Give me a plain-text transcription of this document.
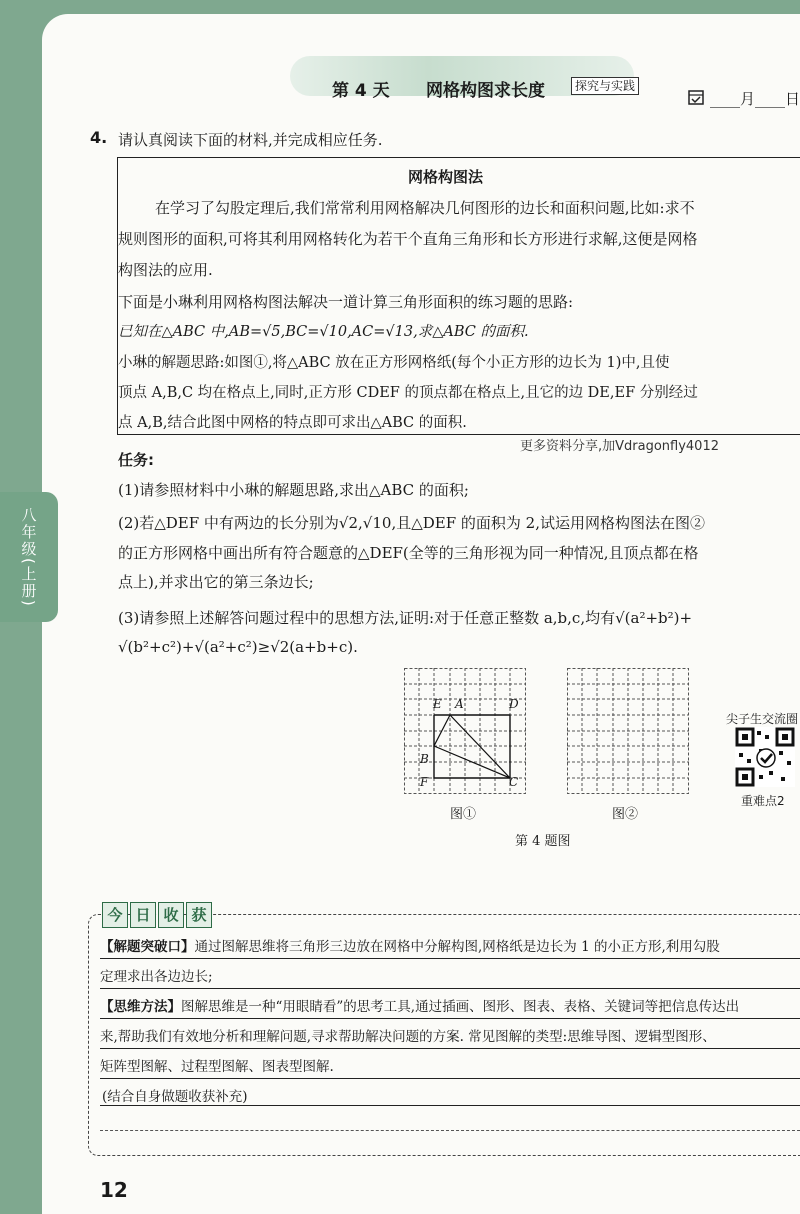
第 4 天 网格构图求长度	探究与实践
____月____日
4. 请认真阅读下面的材料,并完成相应任务.
网格构图法
在学习了勾股定理后,我们常常利用网格解决几何图形的边长和面积问题,比如:求不
规则图形的面积,可将其利用网格转化为若干个直角三角形和长方形进行求解,这便是网格
构图法的应用.
下面是小琳利用网格构图法解决一道计算三角形面积的练习题的思路:
已知在△ABC 中,AB=√5,BC=√10,AC=√13,求△ABC 的面积.
小琳的解题思路:如图①,将△ABC 放在正方形网格纸(每个小正方形的边长为 1)中,且使
顶点 A,B,C 均在格点上,同时,正方形 CDEF 的顶点都在格点上,且它的边 DE,EF 分别经过
点 A,B,结合此图中网格的特点即可求出△ABC 的面积.
更多资料分享,加Vdragonfly4012
任务:
(1)请参照材料中小琳的解题思路,求出△ABC 的面积;
(2)若△DEF 中有两边的长分别为√2,√10,且△DEF 的面积为 2,试运用网格构图法在图②
的正方形网格中画出所有符合题意的△DEF(全等的三角形视为同一种情况,且顶点都在格
点上),并求出它的第三条边长;
(3)请参照上述解答问题过程中的思想方法,证明:对于任意正整数 a,b,c,均有√(a²+b²)+
√(b²+c²)+√(a²+c²)≥√2(a+b+c).
八年级(上册)
E A	D
B
F	C
图①	图②
第 4 题图
尖子生交流圈
重难点2
今 日 收 获
【解题突破口】通过图解思维将三角形三边放在网格中分解构图,网格纸是边长为 1 的小正方形,利用勾股
定理求出各边边长;
【思维方法】图解思维是一种“用眼睛看”的思考工具,通过插画、图形、图表、表格、关键词等把信息传达出
来,帮助我们有效地分析和理解问题,寻求帮助解决问题的方案. 常见图解的类型:思维导图、逻辑型图形、
矩阵型图解、过程型图解、图表型图解.
(结合自身做题收获补充)
12
